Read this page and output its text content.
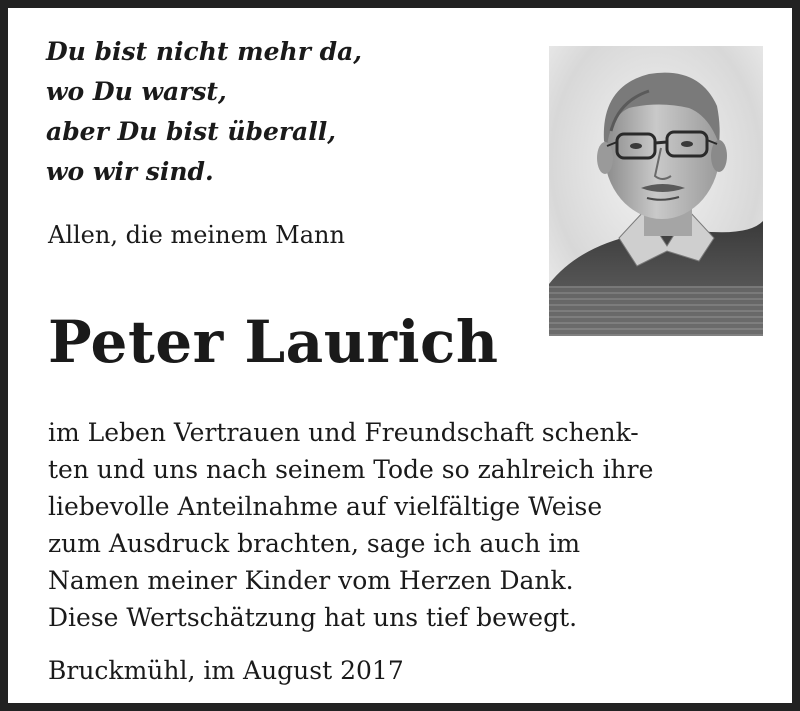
Du bist nicht mehr da,
wo Du warst,
aber Du bist überall,
wo wir sind.
Allen, die meinem Mann
Peter Laurich
im Leben Vertrauen und Freundschaft schenk-
ten und uns nach seinem Tode so zahlreich ihre
liebevolle Anteilnahme auf vielfältige Weise
zum Ausdruck brachten, sage ich auch im
Namen meiner Kinder vom Herzen Dank.
Diese Wertschätzung hat uns tief bewegt.
Bruckmühl, im August 2017
